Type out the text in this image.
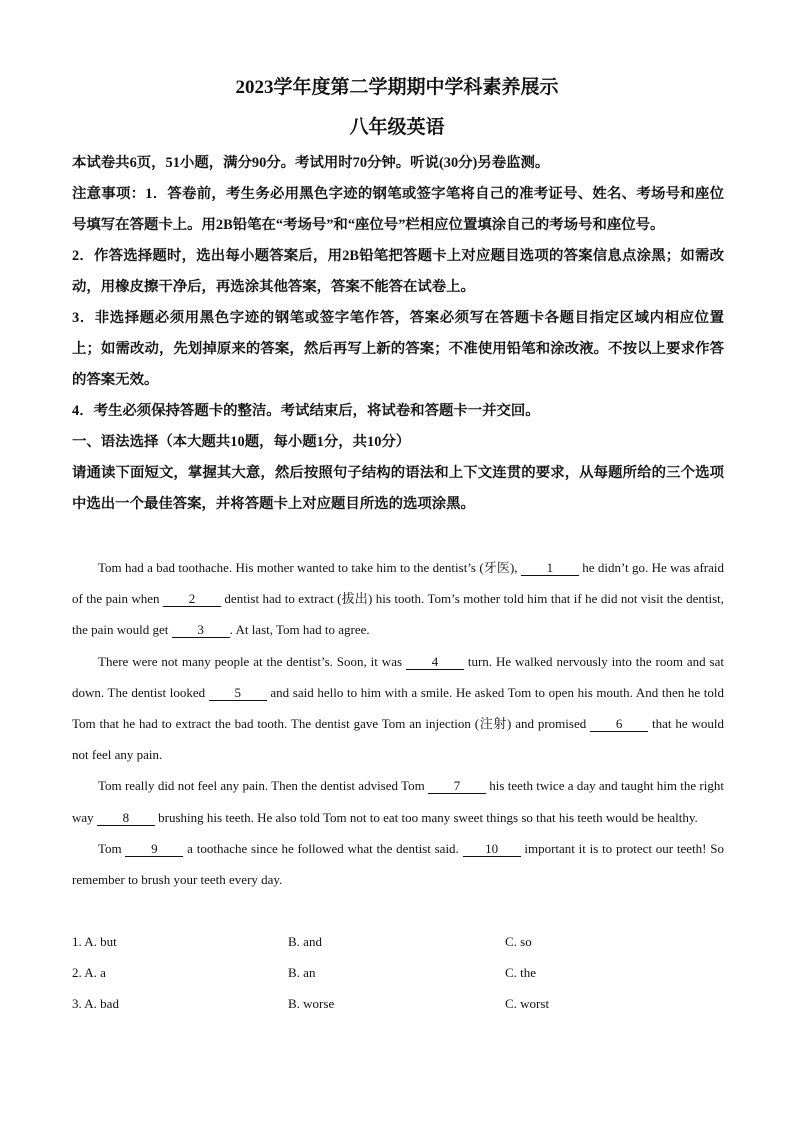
2023学年度第二学期期中学科素养展示
八年级英语

本试卷共6页，51小题，满分90分。考试用时70分钟。听说(30分)另卷监测。

注意事项：1．答卷前，考生务必用黑色字迹的钢笔或签字笔将自己的准考证号、姓名、考场号和座位号填写在答题卡上。用2B铅笔在“考场号”和“座位号”栏相应位置填涂自己的考场号和座位号。

2．作答选择题时，选出每小题答案后，用2B铅笔把答题卡上对应题目选项的答案信息点涂黑；如需改动，用橡皮擦干净后，再选涂其他答案，答案不能答在试卷上。

3．非选择题必须用黑色字迹的钢笔或签字笔作答，答案必须写在答题卡各题目指定区域内相应位置上；如需改动，先划掉原来的答案，然后再写上新的答案；不准使用铅笔和涂改液。不按以上要求作答的答案无效。

4．考生必须保持答题卡的整洁。考试结束后，将试卷和答题卡一并交回。

一、语法选择（本大题共10题，每小题1分，共10分）

请通读下面短文，掌握其大意，然后按照句子结构的语法和上下文连贯的要求，从每题所给的三个选项中选出一个最佳答案，并将答题卡上对应题目所选的选项涂黑。

Tom had a bad toothache. His mother wanted to take him to the dentist’s (牙医), 1 he didn’t go. He was afraid of the pain when 2 dentist had to extract (拔出) his tooth. Tom’s mother told him that if he did not visit the dentist, the pain would get 3 . At last, Tom had to agree.

There were not many people at the dentist’s. Soon, it was 4 turn. He walked nervously into the room and sat down. The dentist looked 5 and said hello to him with a smile. He asked Tom to open his mouth. And then he told Tom that he had to extract the bad tooth. The dentist gave Tom an injection (注射) and promised 6 that he would not feel any pain.

Tom really did not feel any pain. Then the dentist advised Tom 7 his teeth twice a day and taught him the right way 8 brushing his teeth. He also told Tom not to eat too many sweet things so that his teeth would be healthy.

Tom 9 a toothache since he followed what the dentist said. 10 important it is to protect our teeth! So remember to brush your teeth every day.

1. A. but	B. and	C. so
2. A. a	B. an	C. the
3. A. bad	B. worse	C. worst
